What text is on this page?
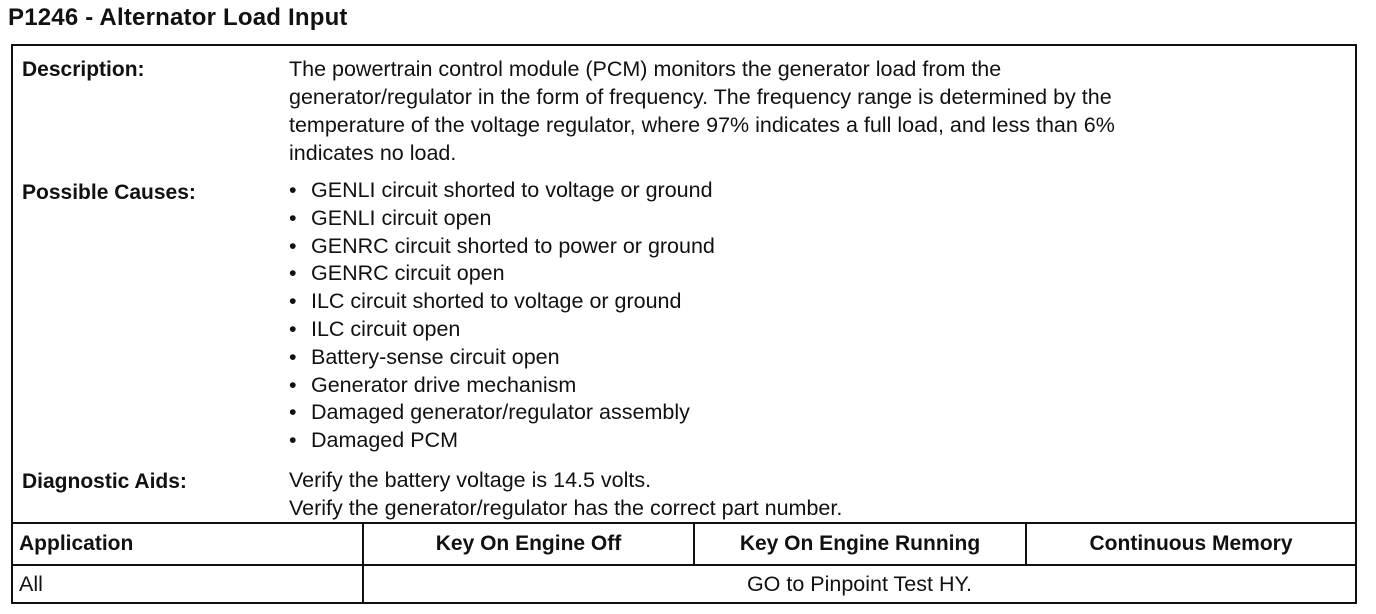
P1246 - Alternator Load Input
Description:	The powertrain control module (PCM) monitors the generator load from the
generator/regulator in the form of frequency. The frequency range is determined by the
temperature of the voltage regulator, where 97% indicates a full load, and less than 6%
indicates no load.
Possible Causes:	• GENLI circuit shorted to voltage or ground
• GENLI circuit open
• GENRC circuit shorted to power or ground
• GENRC circuit open
• ILC circuit shorted to voltage or ground
• ILC circuit open
• Battery-sense circuit open
• Generator drive mechanism
• Damaged generator/regulator assembly
• Damaged PCM
Diagnostic Aids:	Verify the battery voltage is 14.5 volts.
Verify the generator/regulator has the correct part number.
Application	Key On Engine Off	Key On Engine Running	Continuous Memory
All	GO to Pinpoint Test HY.
